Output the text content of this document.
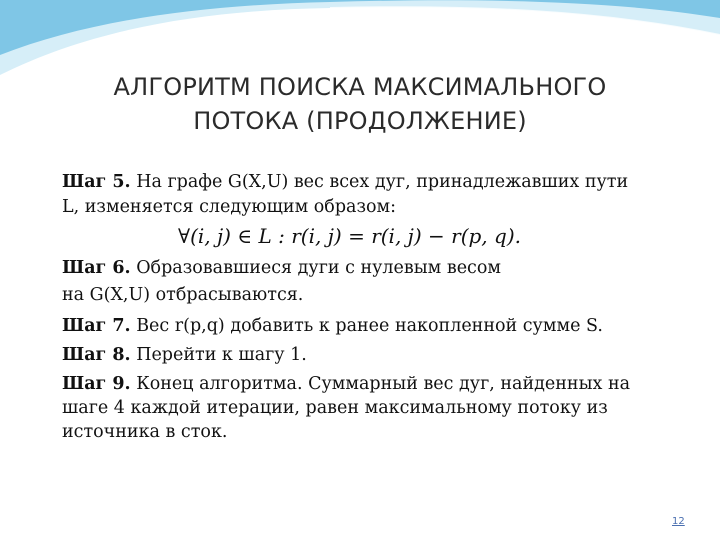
АЛГОРИТМ ПОИСКА МАКСИМАЛЬНОГО
ПОТОКА (ПРОДОЛЖЕНИЕ)
Шаг 5. На графе G(X,U) вес всех дуг, принадлежавших пути
L, изменяется следующим образом:
∀(i, j) ∈ L : r(i, j) = r(i, j) − r(p, q).
Шаг 6. Образовавшиеся дуги с нулевым весом
на G(X,U) отбрасываются.
Шаг 7. Вес r(p,q) добавить к ранее накопленной сумме S.
Шаг 8. Перейти к шагу 1.
Шаг 9. Конец алгоритма. Суммарный вес дуг, найденных на
шаге 4 каждой итерации, равен максимальному потоку из
источника в сток.
12
